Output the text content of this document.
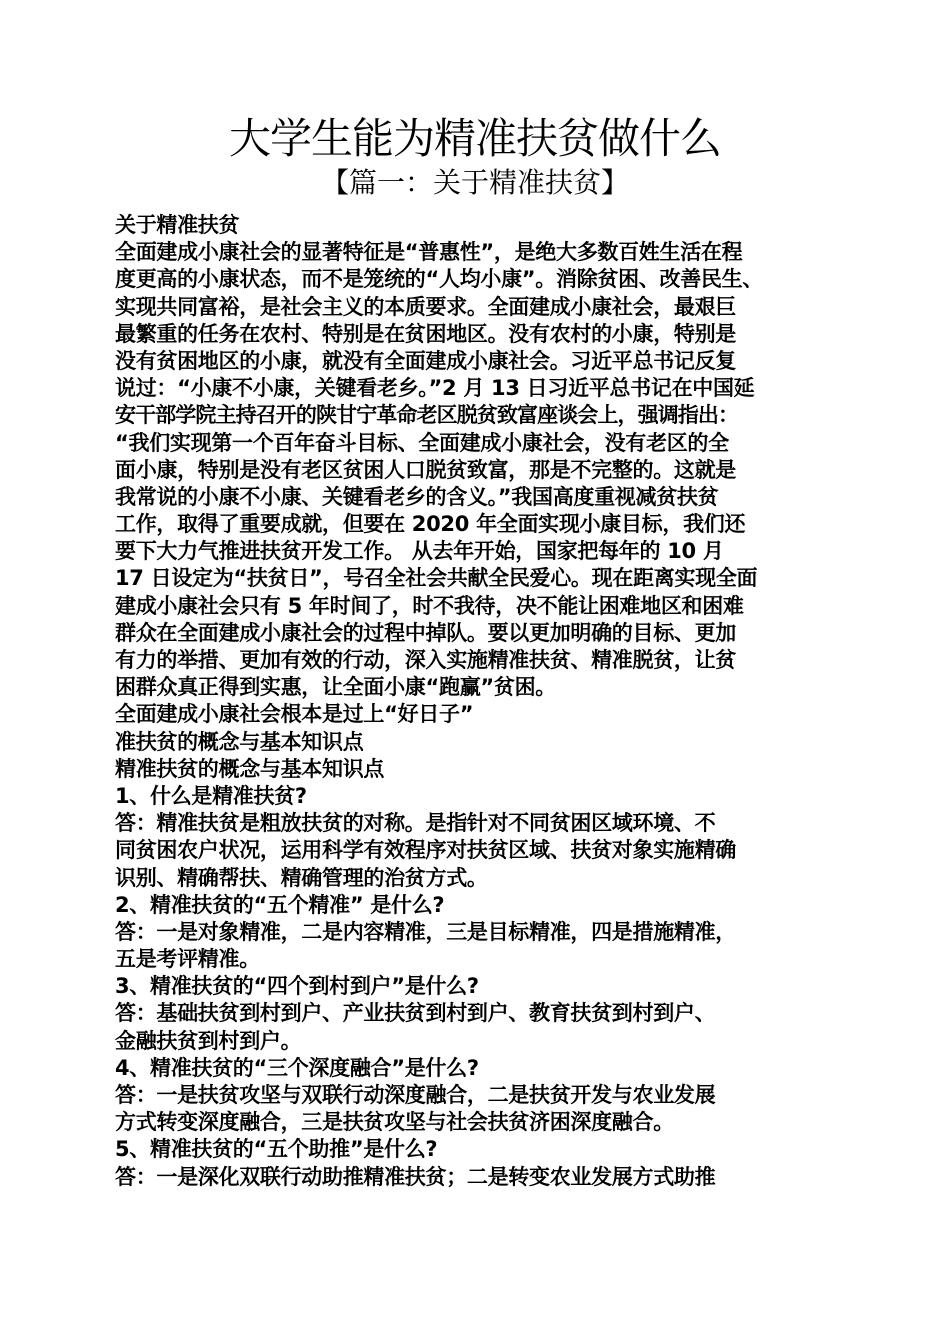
大学生能为精准扶贫做什么
【篇一：关于精准扶贫】
关于精准扶贫
全面建成小康社会的显著特征是“普惠性”，是绝大多数百姓生活在程
度更高的小康状态，而不是笼统的“人均小康”。消除贫困、改善民生、
实现共同富裕，是社会主义的本质要求。全面建成小康社会，最艰巨
最繁重的任务在农村、特别是在贫困地区。没有农村的小康，特别是
没有贫困地区的小康，就没有全面建成小康社会。习近平总书记反复
说过：“小康不小康，关键看老乡。”2 月 13 日习近平总书记在中国延
安干部学院主持召开的陕甘宁革命老区脱贫致富座谈会上，强调指出：
“我们实现第一个百年奋斗目标、全面建成小康社会，没有老区的全
面小康，特别是没有老区贫困人口脱贫致富，那是不完整的。这就是
我常说的小康不小康、关键看老乡的含义。”我国高度重视减贫扶贫
工作，取得了重要成就，但要在 2020 年全面实现小康目标，我们还
要下大力气推进扶贫开发工作。 从去年开始，国家把每年的 10 月
17 日设定为“扶贫日”，号召全社会共献全民爱心。现在距离实现全面
建成小康社会只有 5 年时间了，时不我待，决不能让困难地区和困难
群众在全面建成小康社会的过程中掉队。要以更加明确的目标、更加
有力的举措、更加有效的行动，深入实施精准扶贫、精准脱贫，让贫
困群众真正得到实惠，让全面小康“跑赢”贫困。
全面建成小康社会根本是过上“好日子”
准扶贫的概念与基本知识点
精准扶贫的概念与基本知识点
1、什么是精准扶贫?
答：精准扶贫是粗放扶贫的对称。是指针对不同贫困区域环境、不
同贫困农户状况，运用科学有效程序对扶贫区域、扶贫对象实施精确
识别、精确帮扶、精确管理的治贫方式。
2、精准扶贫的“五个精准” 是什么?
答：一是对象精准，二是内容精准，三是目标精准，四是措施精准，
五是考评精准。
3、精准扶贫的“四个到村到户”是什么?
答：基础扶贫到村到户、产业扶贫到村到户、教育扶贫到村到户、
金融扶贫到村到户。
4、精准扶贫的“三个深度融合”是什么?
答：一是扶贫攻坚与双联行动深度融合，二是扶贫开发与农业发展
方式转变深度融合，三是扶贫攻坚与社会扶贫济困深度融合。
5、精准扶贫的“五个助推”是什么?
答：一是深化双联行动助推精准扶贫；二是转变农业发展方式助推
